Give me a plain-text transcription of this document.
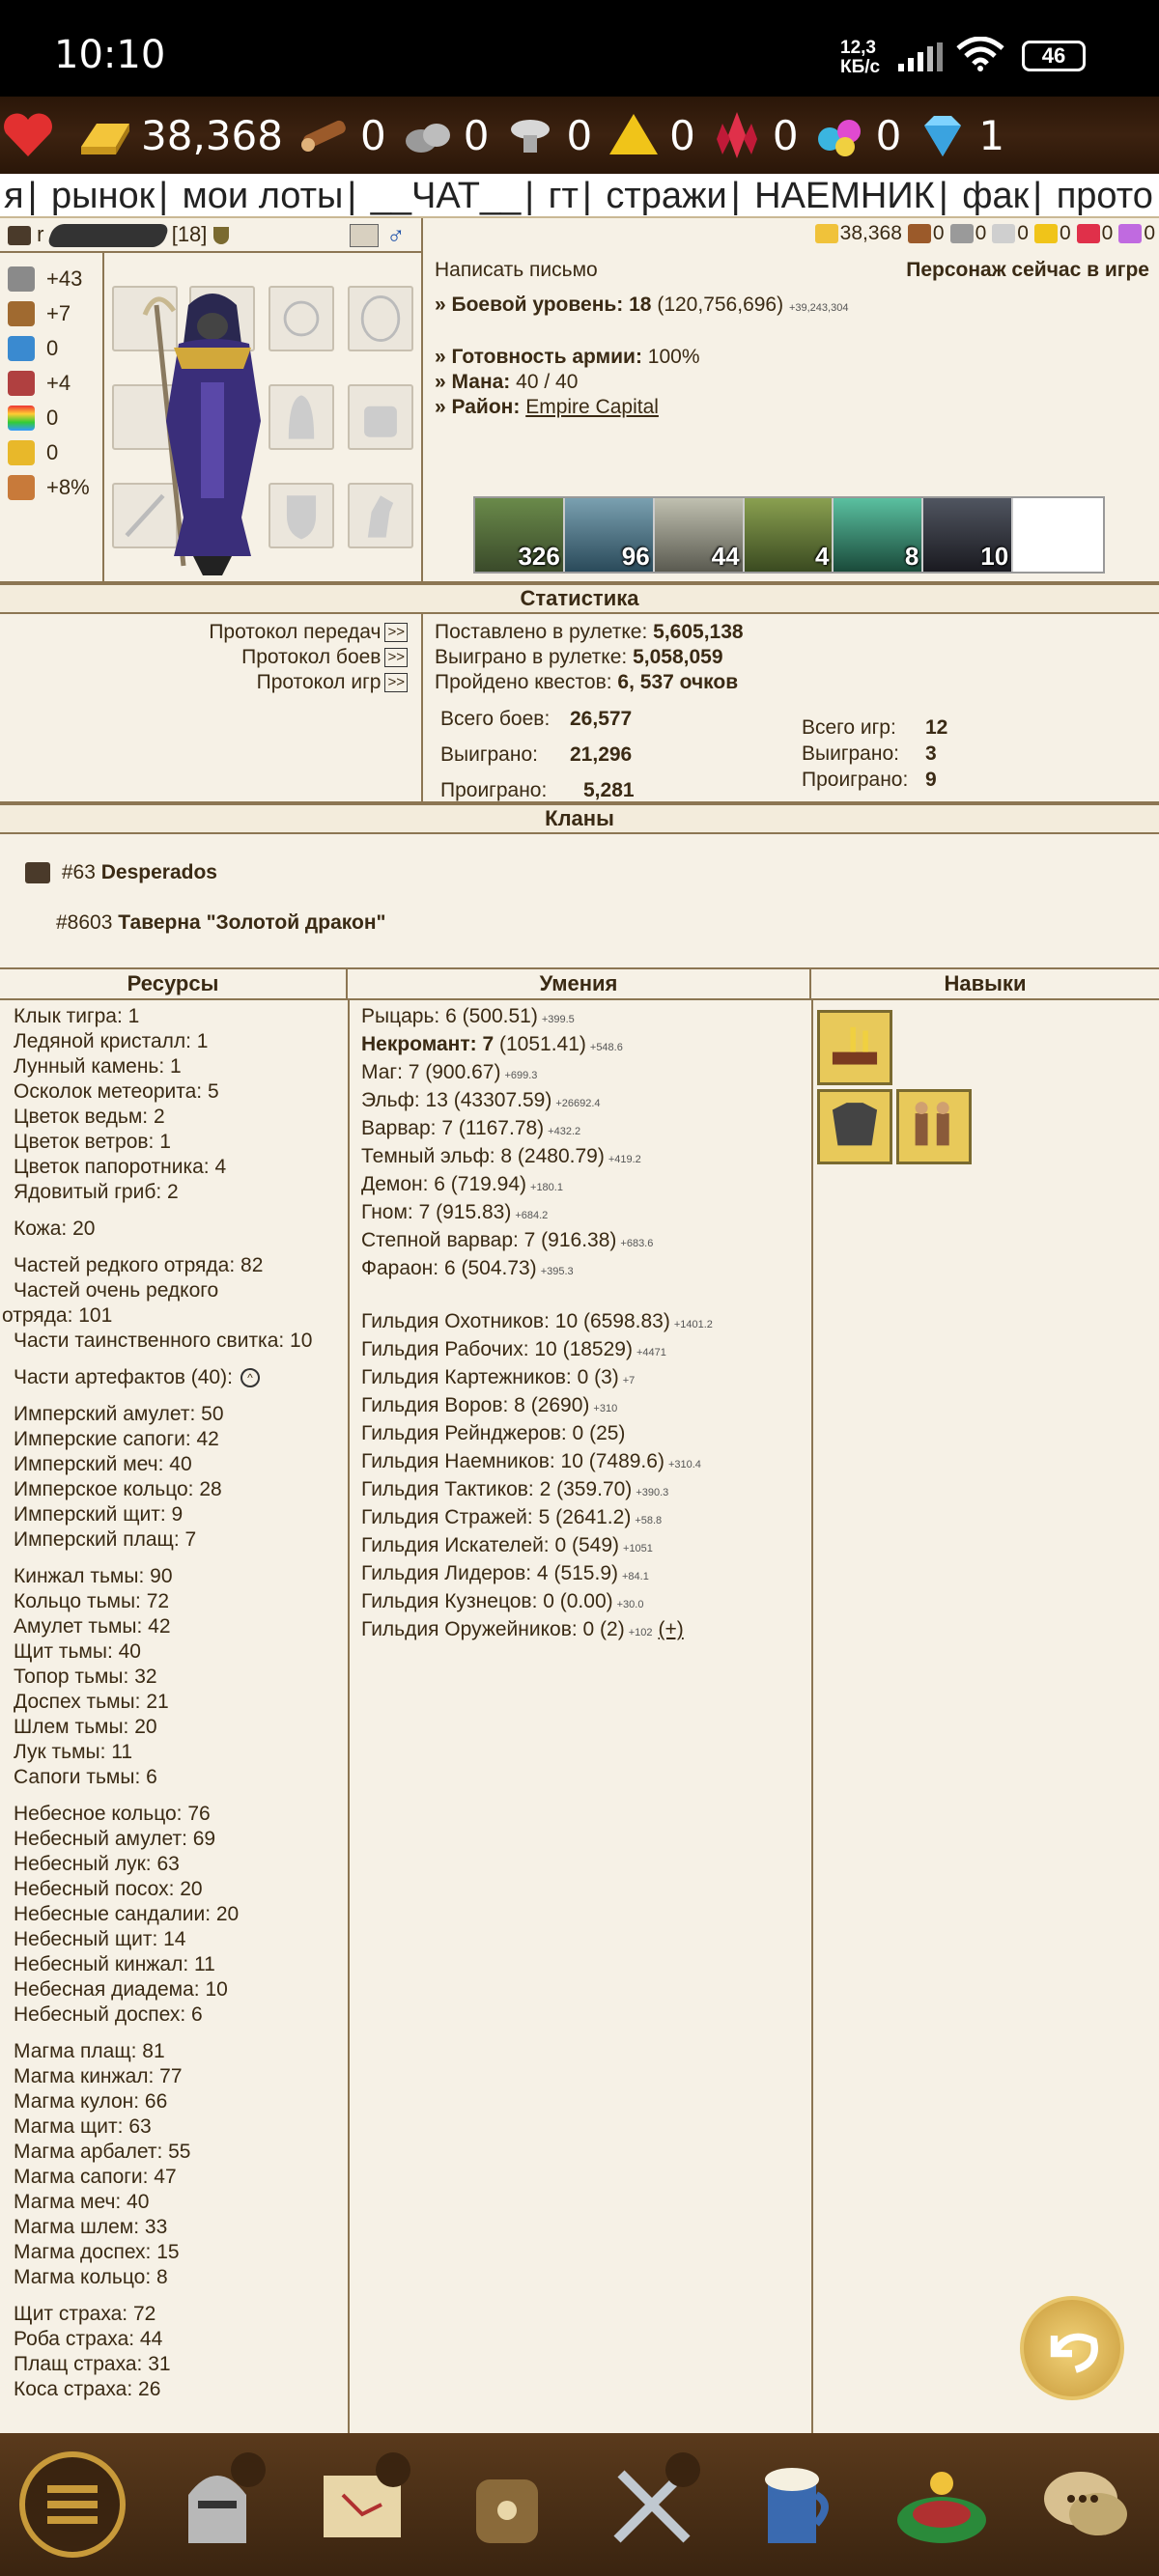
10:10	12,3
КБ/с	46
38,368 0 0 0 0 0 0 1
я | рынок | мои лоты | __ЧАТ__ | гт | стражи | НАЕМНИК | фак | прото
r	[18]	♂
+43
+7
0
+4
0
0
+8%
38,368 0 0 0 0 0 0
Написать письмо	Персонаж сейчас в игре
» Боевой уровень: 18 (120,756,696) +39,243,304
» Готовность армии: 100%
» Мана: 40 / 40
» Район: Empire Capital
326 96 44	4	8 10
Статистика
Протокол передач >>
Протокол боев >>
Протокол игр >>
Поставлено в рулетке: 5,605,138
Выиграно в рулетке: 5,058,059
Пройдено квестов: 6, 537 очков
Всего боев: 26,577
Выиграно: 21,296
Проиграно: 5,281
Всего игр: 12
Выиграно: 3
Проиграно: 9
Кланы
#63 Desperados
#8603 Таверна "Золотой дракон"
Ресурсы	Умения	Навыки
Клык тигра: 1
Ледяной кристалл: 1
Лунный камень: 1
Осколок метеорита: 5
Цветок ведьм: 2
Цветок ветров: 1
Цветок папоротника: 4
Ядовитый гриб: 2
Кожа: 20
Частей редкого отряда: 82
Частей очень редкого
отряда: 101
Части таинственного свитка: 10
Части артефактов (40): ^
Имперский амулет: 50
Имперские сапоги: 42
Имперский меч: 40
Имперское кольцо: 28
Имперский щит: 9
Имперский плащ: 7
Кинжал тьмы: 90
Кольцо тьмы: 72
Амулет тьмы: 42
Щит тьмы: 40
Топор тьмы: 32
Доспех тьмы: 21
Шлем тьмы: 20
Лук тьмы: 11
Сапоги тьмы: 6
Небесное кольцо: 76
Небесный амулет: 69
Небесный лук: 63
Небесный посох: 20
Небесные сандалии: 20
Небесный щит: 14
Небесный кинжал: 11
Небесная диадема: 10
Небесный доспех: 6
Магма плащ: 81
Магма кинжал: 77
Магма кулон: 66
Магма щит: 63
Магма арбалет: 55
Магма сапоги: 47
Магма меч: 40
Магма шлем: 33
Магма доспех: 15
Магма кольцо: 8
Щит страха: 72
Роба страха: 44
Плащ страха: 31
Коса страха: 26
Рыцарь: 6 (500.51) +399.5
Некромант: 7 (1051.41) +548.6
Маг: 7 (900.67) +699.3
Эльф: 13 (43307.59) +26692.4
Варвар: 7 (1167.78) +432.2
Темный эльф: 8 (2480.79) +419.2
Демон: 6 (719.94) +180.1
Гном: 7 (915.83) +684.2
Степной варвар: 7 (916.38) +683.6
Фараон: 6 (504.73) +395.3
Гильдия Охотников: 10 (6598.83) +1401.2
Гильдия Рабочих: 10 (18529) +4471
Гильдия Картежников: 0 (3) +7
Гильдия Воров: 8 (2690) +310
Гильдия Рейнджеров: 0 (25)
Гильдия Наемников: 10 (7489.6) +310.4
Гильдия Тактиков: 2 (359.70) +390.3
Гильдия Стражей: 5 (2641.2) +58.8
Гильдия Искателей: 0 (549) +1051
Гильдия Лидеров: 4 (515.9) +84.1
Гильдия Кузнецов: 0 (0.00) +30.0
Гильдия Оружейников: 0 (2) +102 (+)
